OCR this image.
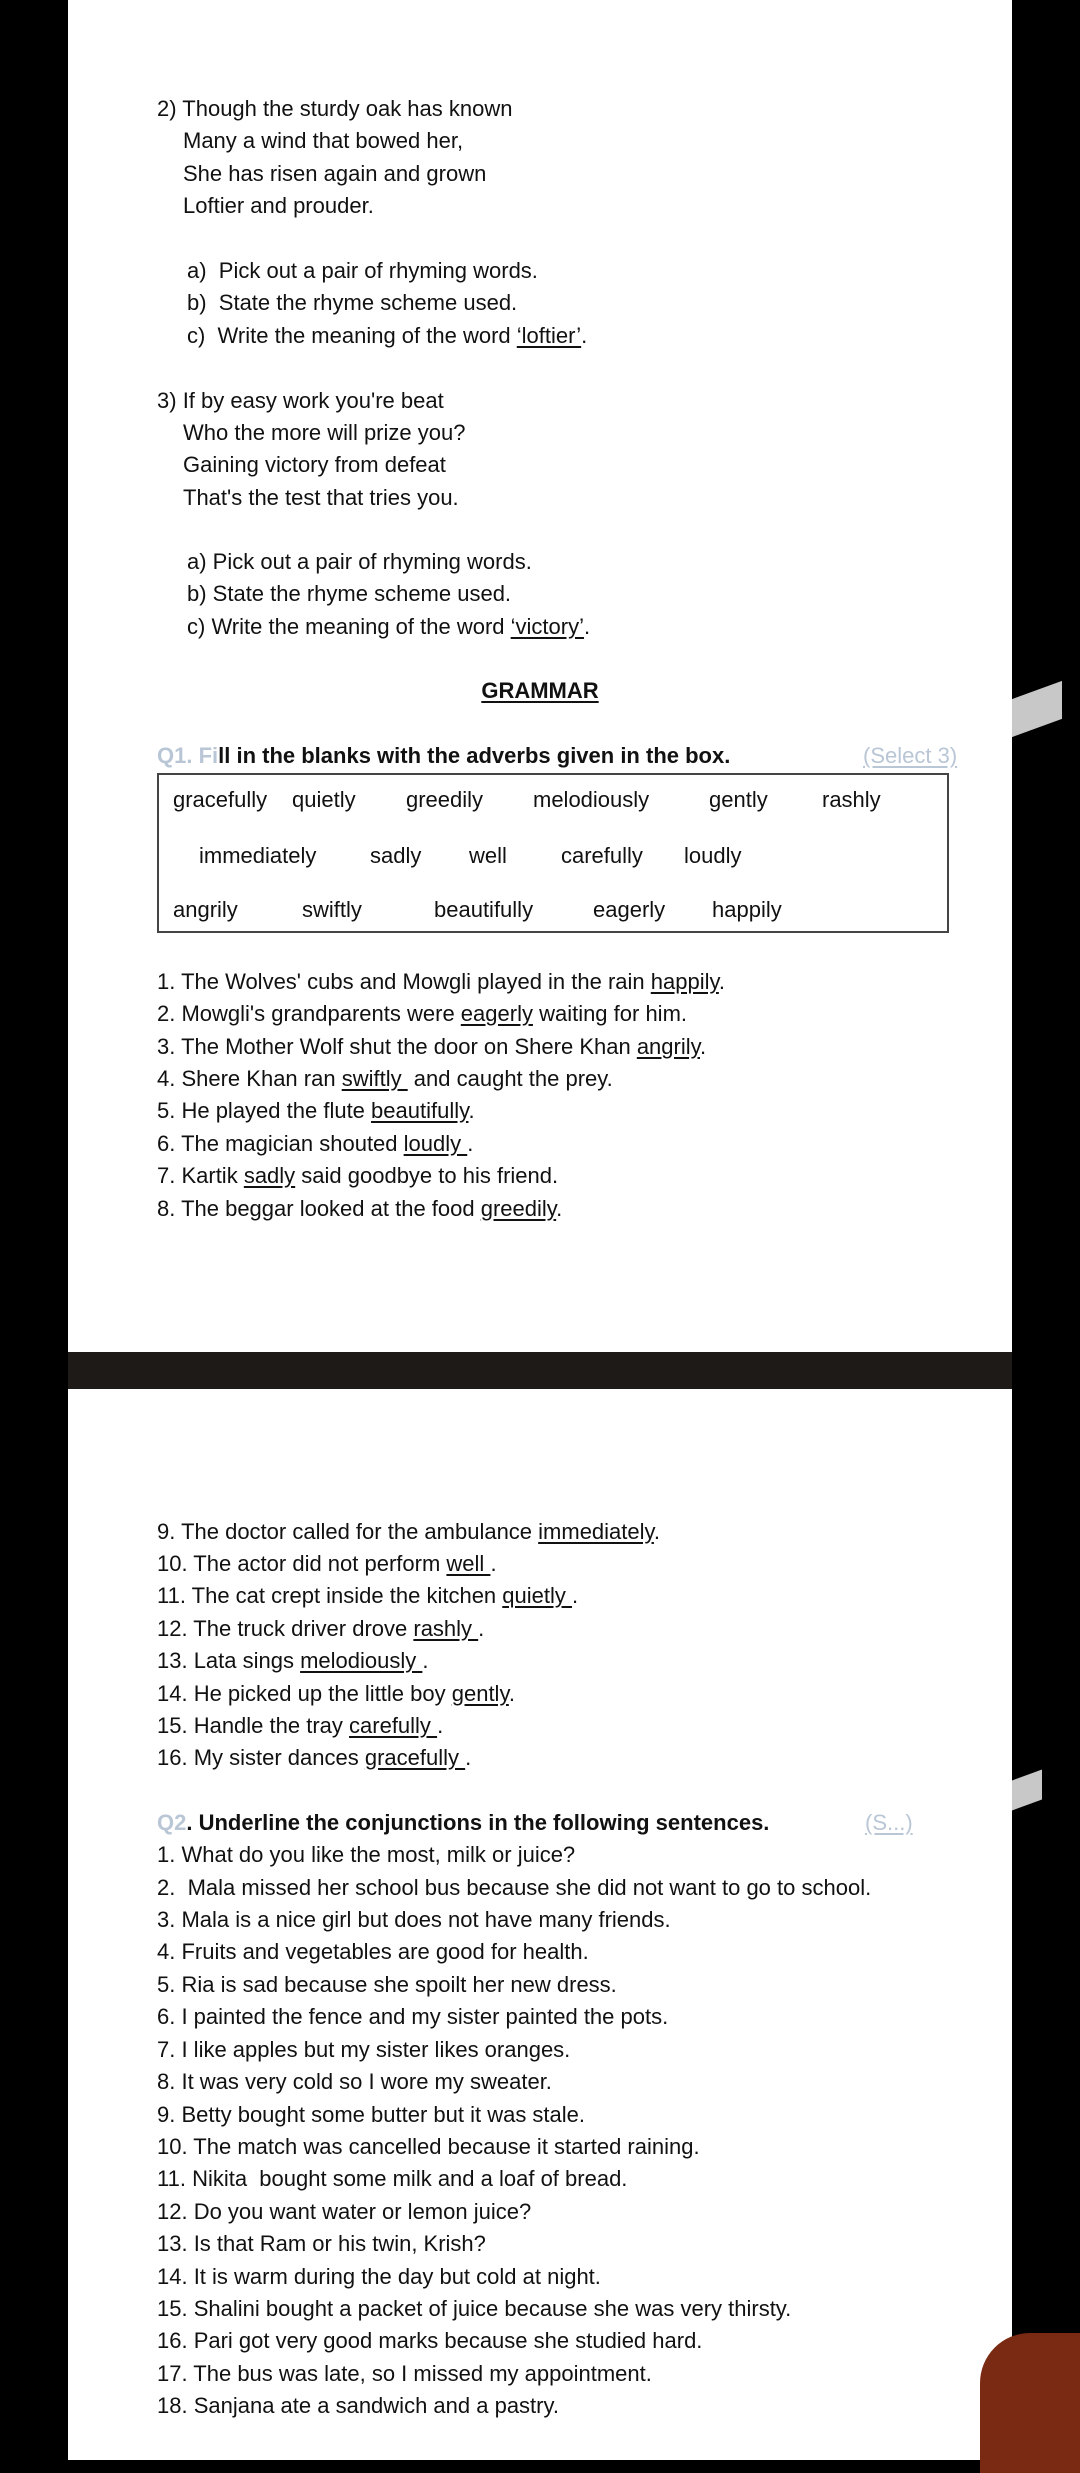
2) Though the sturdy oak has known
Many a wind that bowed her,
She has risen again and grown
Loftier and prouder.
a)  Pick out a pair of rhyming words.
b)  State the rhyme scheme used.
c)  Write the meaning of the word ‘loftier’.
3) If by easy work you're beat
Who the more will prize you?
Gaining victory from defeat
That's the test that tries you.
a) Pick out a pair of rhyming words.
b) State the rhyme scheme used.
c) Write the meaning of the word ‘victory’.
GRAMMAR
Q1. Fill in the blanks with the adverbs given in the box.	(Select 3)
gracefully quietly greedily melodiously	gently rashly
immediately sadly well carefully loudly
angrily	swiftly	beautifully	eagerly happily
1. The Wolves' cubs and Mowgli played in the rain happily.
2. Mowgli's grandparents were eagerly waiting for him.
3. The Mother Wolf shut the door on Shere Khan angrily.
4. Shere Khan ran swiftly  and caught the prey.
5. He played the flute beautifully.
6. The magician shouted loudly .
7. Kartik sadly said goodbye to his friend.
8. The beggar looked at the food greedily.
9. The doctor called for the ambulance immediately.
10. The actor did not perform well .
11. The cat crept inside the kitchen quietly .
12. The truck driver drove rashly .
13. Lata sings melodiously .
14. He picked up the little boy gently.
15. Handle the tray carefully .
16. My sister dances gracefully .
Q2. Underline the conjunctions in the following sentences.	(S...)
1. What do you like the most, milk or juice?
2.  Mala missed her school bus because she did not want to go to school.
3. Mala is a nice girl but does not have many friends.
4. Fruits and vegetables are good for health.
5. Ria is sad because she spoilt her new dress.
6. I painted the fence and my sister painted the pots.
7. I like apples but my sister likes oranges.
8. It was very cold so I wore my sweater.
9. Betty bought some butter but it was stale.
10. The match was cancelled because it started raining.
11. Nikita  bought some milk and a loaf of bread.
12. Do you want water or lemon juice?
13. Is that Ram or his twin, Krish?
14. It is warm during the day but cold at night.
15. Shalini bought a packet of juice because she was very thirsty.
16. Pari got very good marks because she studied hard.
17. The bus was late, so I missed my appointment.
18. Sanjana ate a sandwich and a pastry.
